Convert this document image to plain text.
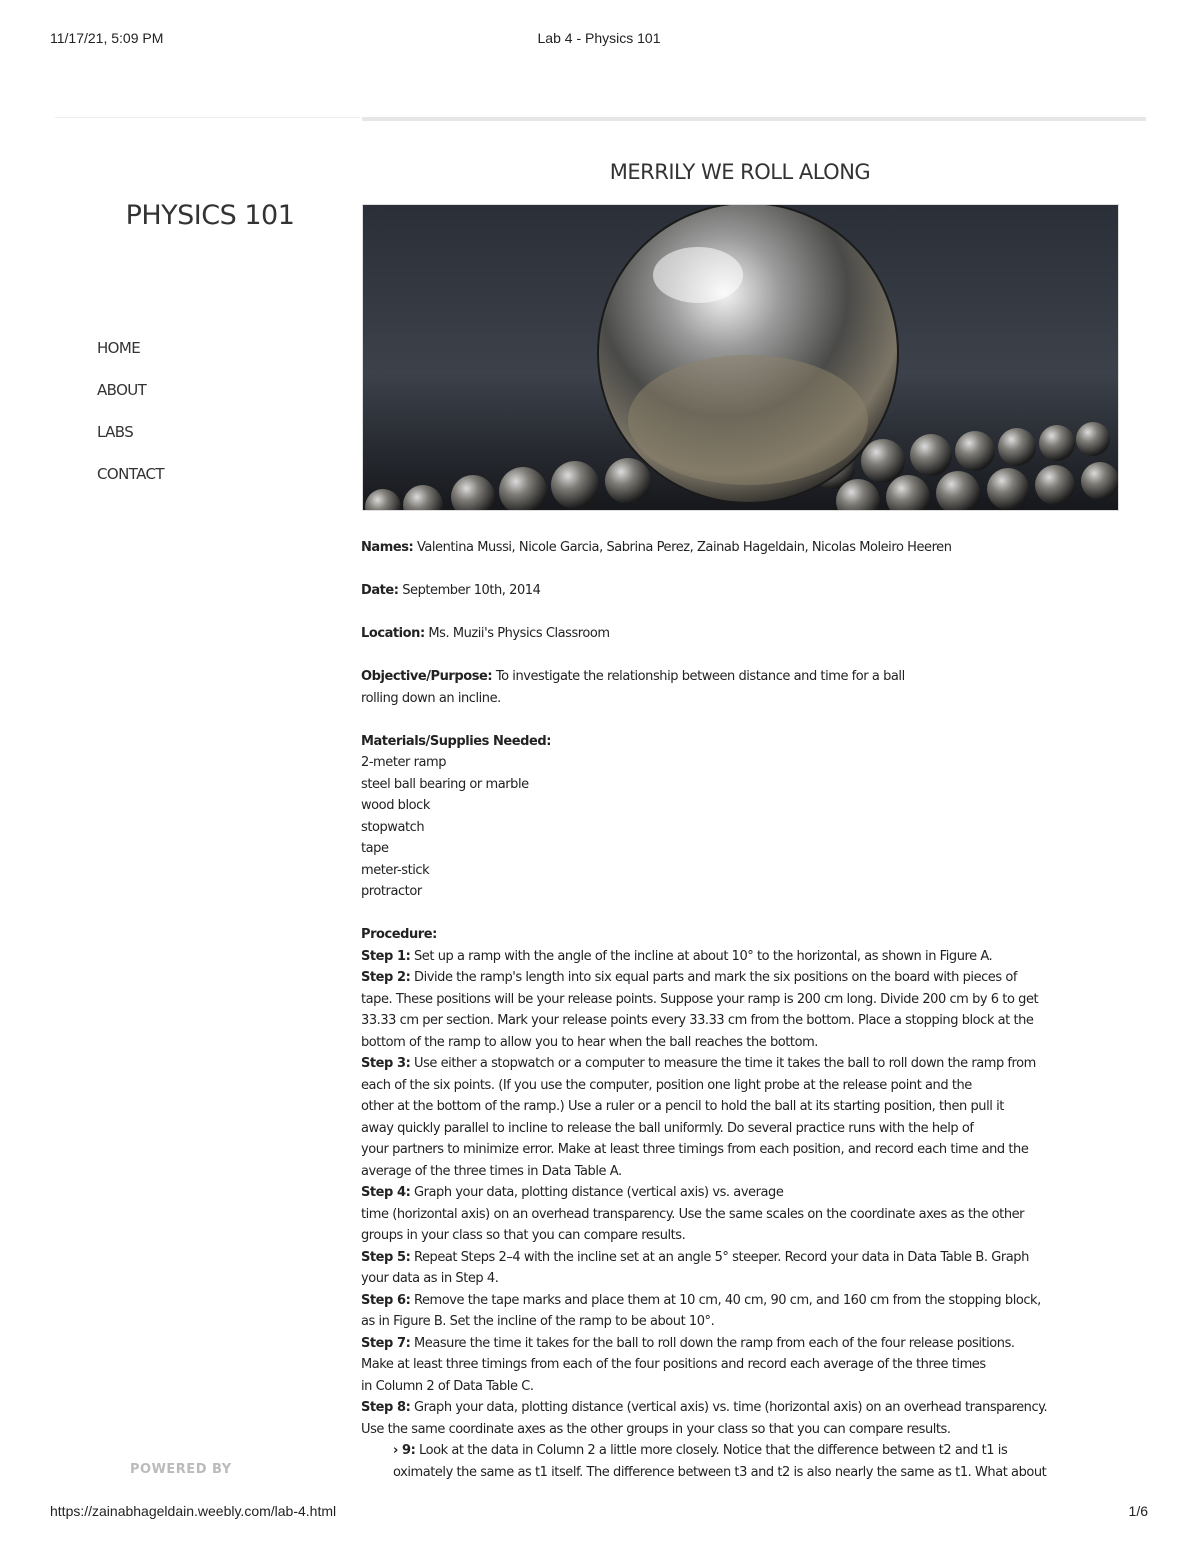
11/17/21, 5:09 PM	Lab 4 - Physics 101
PHYSICS 101
HOME
ABOUT
LABS
CONTACT
POWERED BY
MERRILY WE ROLL ALONG

Names: Valentina Mussi, Nicole Garcia, Sabrina Perez, Zainab Hageldain, Nicolas Moleiro Heeren

Date: September 10th, 2014

Location: Ms. Muzii's Physics Classroom

Objective/Purpose: To investigate the relationship between distance and time for a ball
rolling down an incline.

Materials/Supplies Needed:
2-meter ramp
steel ball bearing or marble
wood block
stopwatch
tape
meter-stick
protractor

Procedure:
Step 1: Set up a ramp with the angle of the incline at about 10° to the horizontal, as shown in Figure A.
Step 2: Divide the ramp's length into six equal parts and mark the six positions on the board with pieces of
tape. These positions will be your release points. Suppose your ramp is 200 cm long. Divide 200 cm by 6 to get
33.33 cm per section. Mark your release points every 33.33 cm from the bottom. Place a stopping block at the
bottom of the ramp to allow you to hear when the ball reaches the bottom.
Step 3: Use either a stopwatch or a computer to measure the time it takes the ball to roll down the ramp from
each of the six points. (If you use the computer, position one light probe at the release point and the
other at the bottom of the ramp.) Use a ruler or a pencil to hold the ball at its starting position, then pull it
away quickly parallel to incline to release the ball uniformly. Do several practice runs with the help of
your partners to minimize error. Make at least three timings from each position, and record each time and the
average of the three times in Data Table A.
Step 4: Graph your data, plotting distance (vertical axis) vs. average
time (horizontal axis) on an overhead transparency. Use the same scales on the coordinate axes as the other
groups in your class so that you can compare results.
Step 5: Repeat Steps 2–4 with the incline set at an angle 5° steeper. Record your data in Data Table B. Graph
your data as in Step 4.
Step 6: Remove the tape marks and place them at 10 cm, 40 cm, 90 cm, and 160 cm from the stopping block,
as in Figure B. Set the incline of the ramp to be about 10°.
Step 7: Measure the time it takes for the ball to roll down the ramp from each of the four release positions.
Make at least three timings from each of the four positions and record each average of the three times
in Column 2 of Data Table C.
Step 8: Graph your data, plotting distance (vertical axis) vs. time (horizontal axis) on an overhead transparency.
Use the same coordinate axes as the other groups in your class so that you can compare results.
› 9: Look at the data in Column 2 a little more closely. Notice that the difference between t2 and t1 is
oximately the same as t1 itself. The difference between t3 and t2 is also nearly the same as t1. What about
https://zainabhageldain.weebly.com/lab-4.html	1/6
